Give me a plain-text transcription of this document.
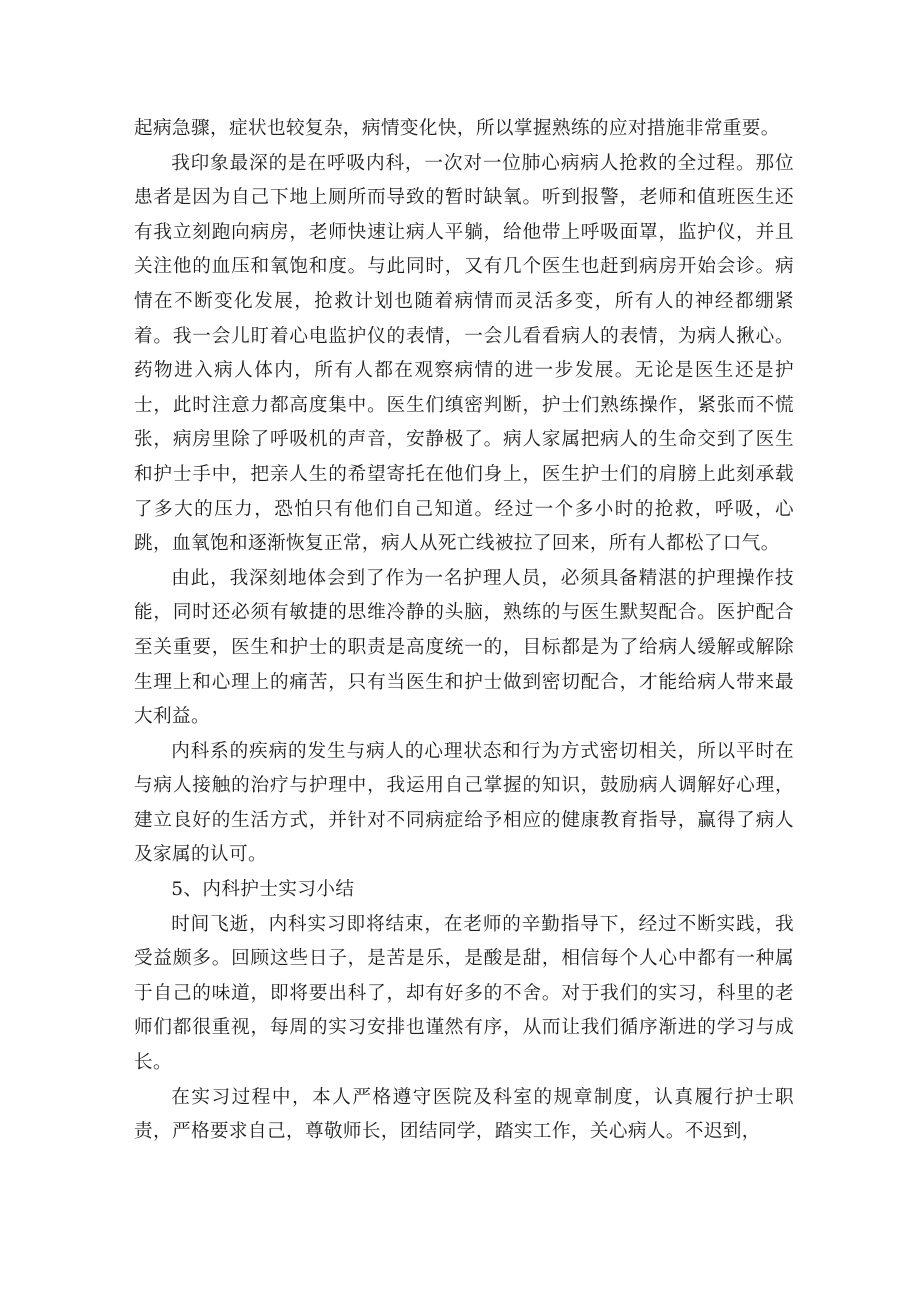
起病急骤，症状也较复杂，病情变化快，所以掌握熟练的应对措施非常重要。

我印象最深的是在呼吸内科，一次对一位肺心病病人抢救的全过程。那位患者是因为自己下地上厕所而导致的暂时缺氧。听到报警，老师和值班医生还有我立刻跑向病房，老师快速让病人平躺，给他带上呼吸面罩，监护仪，并且关注他的血压和氧饱和度。与此同时，又有几个医生也赶到病房开始会诊。病情在不断变化发展，抢救计划也随着病情而灵活多变，所有人的神经都绷紧着。我一会儿盯着心电监护仪的表情，一会儿看看病人的表情，为病人揪心。药物进入病人体内，所有人都在观察病情的进一步发展。无论是医生还是护士，此时注意力都高度集中。医生们缜密判断，护士们熟练操作，紧张而不慌张，病房里除了呼吸机的声音，安静极了。病人家属把病人的生命交到了医生和护士手中，把亲人生的希望寄托在他们身上，医生护士们的肩膀上此刻承载了多大的压力，恐怕只有他们自己知道。经过一个多小时的抢救，呼吸，心跳，血氧饱和逐渐恢复正常，病人从死亡线被拉了回来，所有人都松了口气。

由此，我深刻地体会到了作为一名护理人员，必须具备精湛的护理操作技能，同时还必须有敏捷的思维冷静的头脑，熟练的与医生默契配合。医护配合至关重要，医生和护士的职责是高度统一的，目标都是为了给病人缓解或解除生理上和心理上的痛苦，只有当医生和护士做到密切配合，才能给病人带来最大利益。

内科系的疾病的发生与病人的心理状态和行为方式密切相关，所以平时在与病人接触的治疗与护理中，我运用自己掌握的知识，鼓励病人调解好心理，建立良好的生活方式，并针对不同病症给予相应的健康教育指导，赢得了病人及家属的认可。

5、内科护士实习小结

时间飞逝，内科实习即将结束，在老师的辛勤指导下，经过不断实践，我受益颇多。回顾这些日子，是苦是乐，是酸是甜，相信每个人心中都有一种属于自己的味道，即将要出科了，却有好多的不舍。对于我们的实习，科里的老师们都很重视，每周的实习安排也谨然有序，从而让我们循序渐进的学习与成长。

在实习过程中，本人严格遵守医院及科室的规章制度，认真履行护士职责，严格要求自己，尊敬师长，团结同学，踏实工作，关心病人。不迟到，
